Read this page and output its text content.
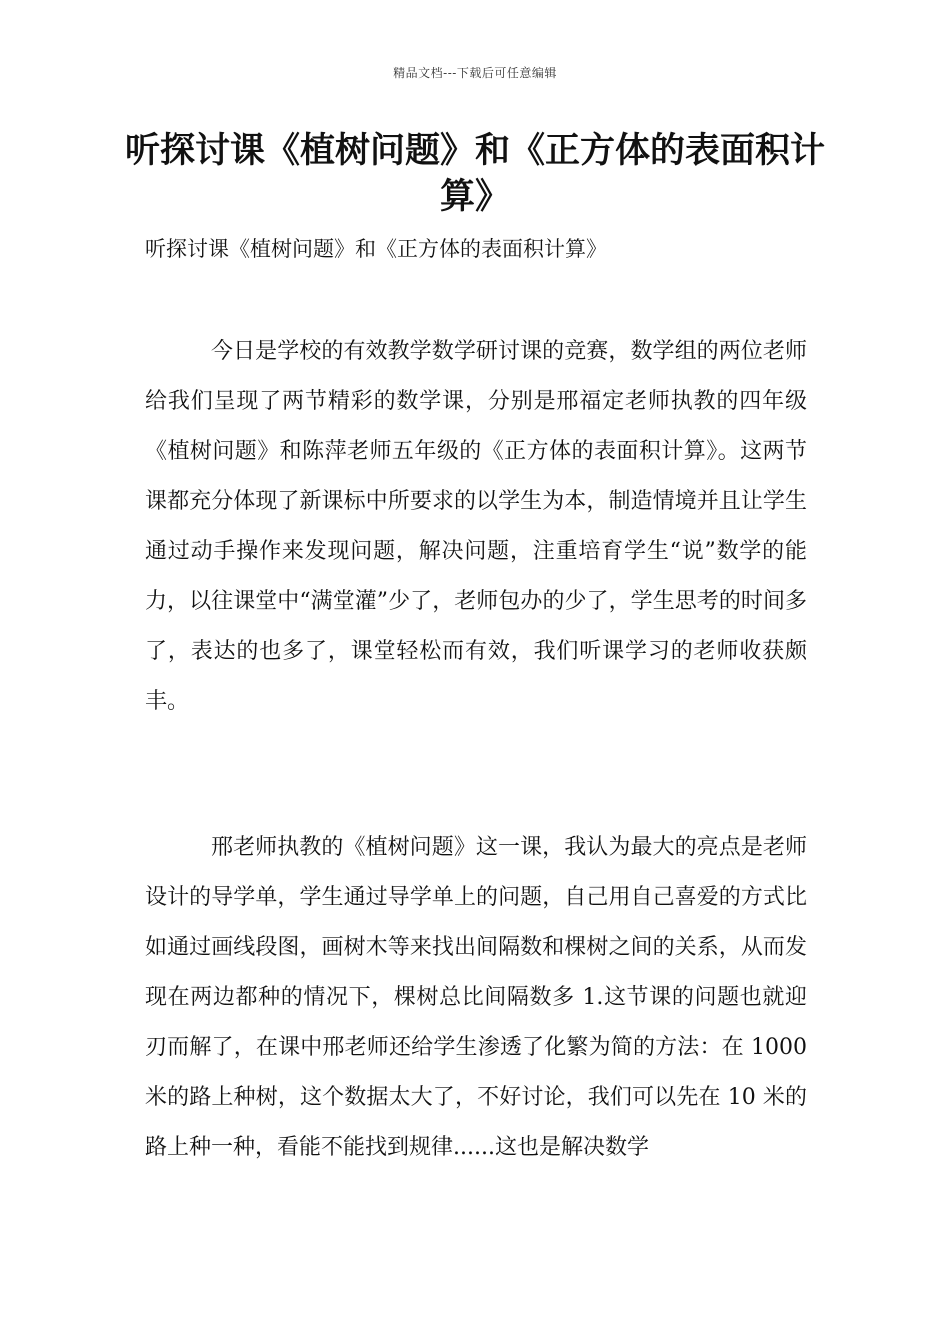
精品文档---下载后可任意编辑
听探讨课《植树问题》和《正方体的表面积计算》
听探讨课《植树问题》和《正方体的表面积计算》

今日是学校的有效教学数学研讨课的竞赛，数学组的两位老师给我们呈现了两节精彩的数学课，分别是邢福定老师执教的四年级《植树问题》和陈萍老师五年级的《正方体的表面积计算》。这两节课都充分体现了新课标中所要求的以学生为本，制造情境并且让学生通过动手操作来发现问题，解决问题，注重培育学生“说”数学的能力，以往课堂中“满堂灌”少了，老师包办的少了，学生思考的时间多了，表达的也多了，课堂轻松而有效，我们听课学习的老师收获颇丰。

邢老师执教的《植树问题》这一课，我认为最大的亮点是老师设计的导学单，学生通过导学单上的问题，自己用自己喜爱的方式比如通过画线段图，画树木等来找出间隔数和棵树之间的关系，从而发现在两边都种的情况下，棵树总比间隔数多 1.这节课的问题也就迎刃而解了，在课中邢老师还给学生渗透了化繁为简的方法：在 1000 米的路上种树，这个数据太大了，不好讨论，我们可以先在 10 米的路上种一种，看能不能找到规律......这也是解决数学
